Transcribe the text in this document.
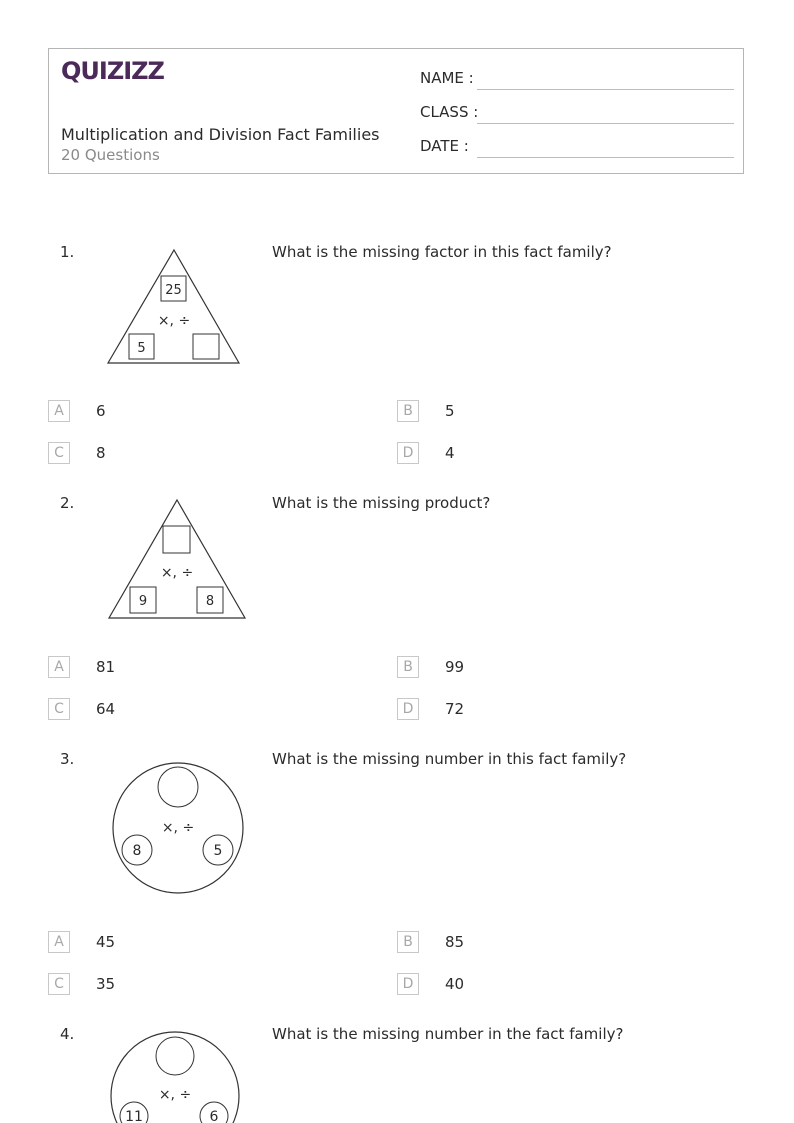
QUIZIZZ
Multiplication and Division Fact Families
20 Questions
NAME :
CLASS :
DATE :
1.	What is the missing factor in this fact family?
25
×, ÷
5
A	6	B	5
C	8	D	4
2.	What is the missing product?
×, ÷
9	8
A	81	B	99
C	64	D	72
3.	What is the missing number in this fact family?
×, ÷
8	5
A	45	B	85
C	35	D	40
4.	What is the missing number in the fact family?
×, ÷
11	6
